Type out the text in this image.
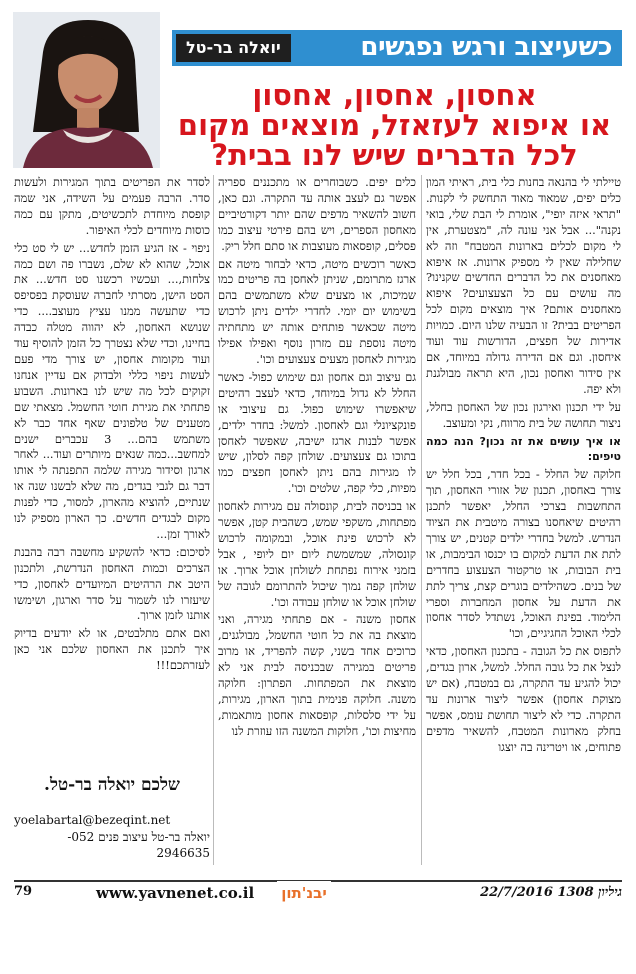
כשעיצוב ורגש נפגשים
יואלה בר-טל
אחסון, אחסון, אחסון
או איפוא לעזאזל, מוצאים מקום
לכל הדברים שיש לנו בבית?

טיילתי לי בהנאה בחנות כלי בית, ראיתי המון כלים יפים, שמאוד מאוד התחשק לי לקנות. "תראי איזה יופי", אומרת לי הבת שלי, בואי נקנה"... אבל אני עונה לה, "מצטערת, אין לי מקום לכלים בארונות המטבח" וזה לא שחלילה שאין לי מספיק ארונות. אז איפוא מאחסנים את כל הדברים החדשים שקנינו? מה עושים עם כל הצעצועים? איפוא מאחסנים אותם? איך מוצאים מקום לכל הפריטים בבית? זו הבעיה שלנו היום. כמויות אדירות של חפצים, הדורשות עוד ועוד איחסון. וגם אם הדירה גדולה במיוחד, אם אין סידור ואחסון נכון, היא תראה מבולגנת ולא יפה.

על ידי תכנון ואירגון נכון של האחסון בחלל, ניצור תחושה של בית מרווח, נקי ומעוצב.

או איך עושים את זה נכון? הנה כמה טיפים:

חלוקה של החלל - בכל חדר, בכל חלל יש צורך באחסון, תכנון של אזורי האחסון, תוך התחשבות בצרכי החלל, יאפשר לתכנן רהיטים שיאחסנו בצורה מיטבית את הציוד הנדרש. למשל בחדרי ילדים קטנים, יש צורך לתת את הדעת למקום בו יכנסו הבימבות, או בית הבובות, או טרקטור הצעצוע בחדרים של בנים. כשהילדים בוגרים קצת, צריך לתת את הדעת על אחסון המחברות וספרי הלימוד. בפינת האוכל, נשתדל לסדר אחסון לכלי האוכל החגיגיים, וכו'

לתפוס את כל הגובה - בתכנון האחסון, כדאי לנצל את כל גובה החלל. למשל, ארון בגדים, יכול להגיע עד התקרה, גם במטבח, (אם יש מצוקת אחסון) אפשר ליצור ארונות עד התקרה. כדי לא ליצור תחושת עומס, אפשר בחלק מארונות המטבח, להשאיר מדפים פתוחים, או ויטרינה בה יוצגו

כלים יפים. כשבוחרים או מתכננים ספריה אפשר גם לעצב אותה עד התקרה. וגם כאן, חשוב להשאיר מדפים שהם יותר דקורטיביים מאחסון הספרים, ויש בהם פירטי עיצוב כמו פסלים, קופסאות מעוצבות או סתם חלל ריק.

כאשר רוכשים מיטה, כדאי לבחור מיטה אם ארגז מתרומם, שניתן לאחסן בה פריטים כמו שמיכות, או מצעים שלא משתמשים בהם בשימוש יום יומי. לחדרי ילדים ניתן לרכוש מיטה שכאשר פותחים אותה יש מתחתיה מיטה נוספת עם מזרון נוסף ואפילו אפילו מגירות לאחסון מצעים צעצועים וכו'.

גם עיצוב וגם אחסון וגם שימוש כפול- כאשר החלל לא גדול במיוחד, כדאי לעצב רהיטים שיאפשרו שימוש כפול. גם עיצובי או פונקציונלי וגם לאחסון. למשל: בחדר ילדים, אפשר לבנות ארגז ישיבה, שאפשר לאחסן בתוכו גם צעצועים. שולחן קפה לסלון, שיש לו מגירות בהם ניתן לאחסן חפצים כמו מפיות, כלי קפה, שלטים וכו'.

או בכניסה לבית, קונסולה עם מגירות לאחסון מפתחות, משקפי שמש, כשהבית קטן, אפשר לא לרכוש פינת אוכל, ובמקומה לרכוש קונסולה, שמשמשת ליום יום ליופי , אבל בזמני אירוח נפתחת לשולחן אוכל ארוך. או שולחן קפה נמוך שיכול להתרומם לגובה של שולחן אוכל או שולחן עבודה וכו'.

אחסון משנה - אם פתחתי מגירה, ואני מוצאת בה את כל חוטי החשמל, מבולגנים, כרוכים אחד בשני, קשה להפריד, או מרוב פריטים במגירה שבכניסה לבית אני לא מוצאת את המפתחות. הפתרון: חלוקה משנה. חלוקה פנימית בתוך הארון, מגירות, על ידי סלסלות, קופסאות אחסון מותאמות, מחיצות וכו', חלוקות המשנה הזו עוזרת לנו

לסדר את הפריטים בתוך המגירות ולעשות סדר. הרבה פעמים על השידה, אני שמה קופסת מיוחדת לתכשיטים, מתקן עם כמה כוסות מיוחדים לכלי האיפור.

ניפוי - אז הגיע הזמן לחדש... יש לי סט כלי אוכל, שהוא לא שלם, נשברו פה ושם כמה צלחות,... ועכשיו רכשנו סט חדש... את הסט הישן, מסרתי לחברה שעוסקת בפסיפס כדי שתעשה ממנו עציץ מעוצב.... כדי שנושא האחסון, לא יהווה מטלה כבדה בחיינו, וכדי שלא נצטרך כל הזמן להוסיף עוד ועוד מקומות אחסון, יש צורך מדי פעם לעשות ניפוי כללי ולבדוק אם עדיין אנחנו זקוקים לכל מה שיש לנו בארונות. השבוע פתחתי את מגירת חוטי החשמל. מצאתי שם מטענים של טלפונים שאף אחד כבר לא משתמש בהם... 3 עכברים ישנים למחשב...כמה שנאים מיותרים ועוד... לאחר ארגון וסידור מגירה שלמה התפנתה לי אותו דבר גם לגבי בגדים, מה שלא לבשנו שנה או שנתיים, להוציא מהארון, למסור, כדי לפנות מקום לבגדים חדשים. כך הארון מספיק לנו לאורך זמן...

לסיכום: כדאי להשקיע מחשבה רבה בהבנת הצרכים וכמות האחסון הנדרשת, ולתכנון היטב את הרהיטים המיועדים לאחסון, כדי שיעזרו לנו לשמור על סדר וארגון, ושימשו אותנו לזמן ארוך.

ואם אתם מתלבטים, או לא יודעים בדיוק איך לתכנן את האחסון שלכם אני כאן לעזרתכם!!!

שלכם יואלה בר-טל.
yoelabartal@bezeqint.net
יואלה בר-טל עיצוב פנים 052-
2946635
79	www.yavnenet.co.il יבנ'תון	גיליון 1308 22/7/2016
